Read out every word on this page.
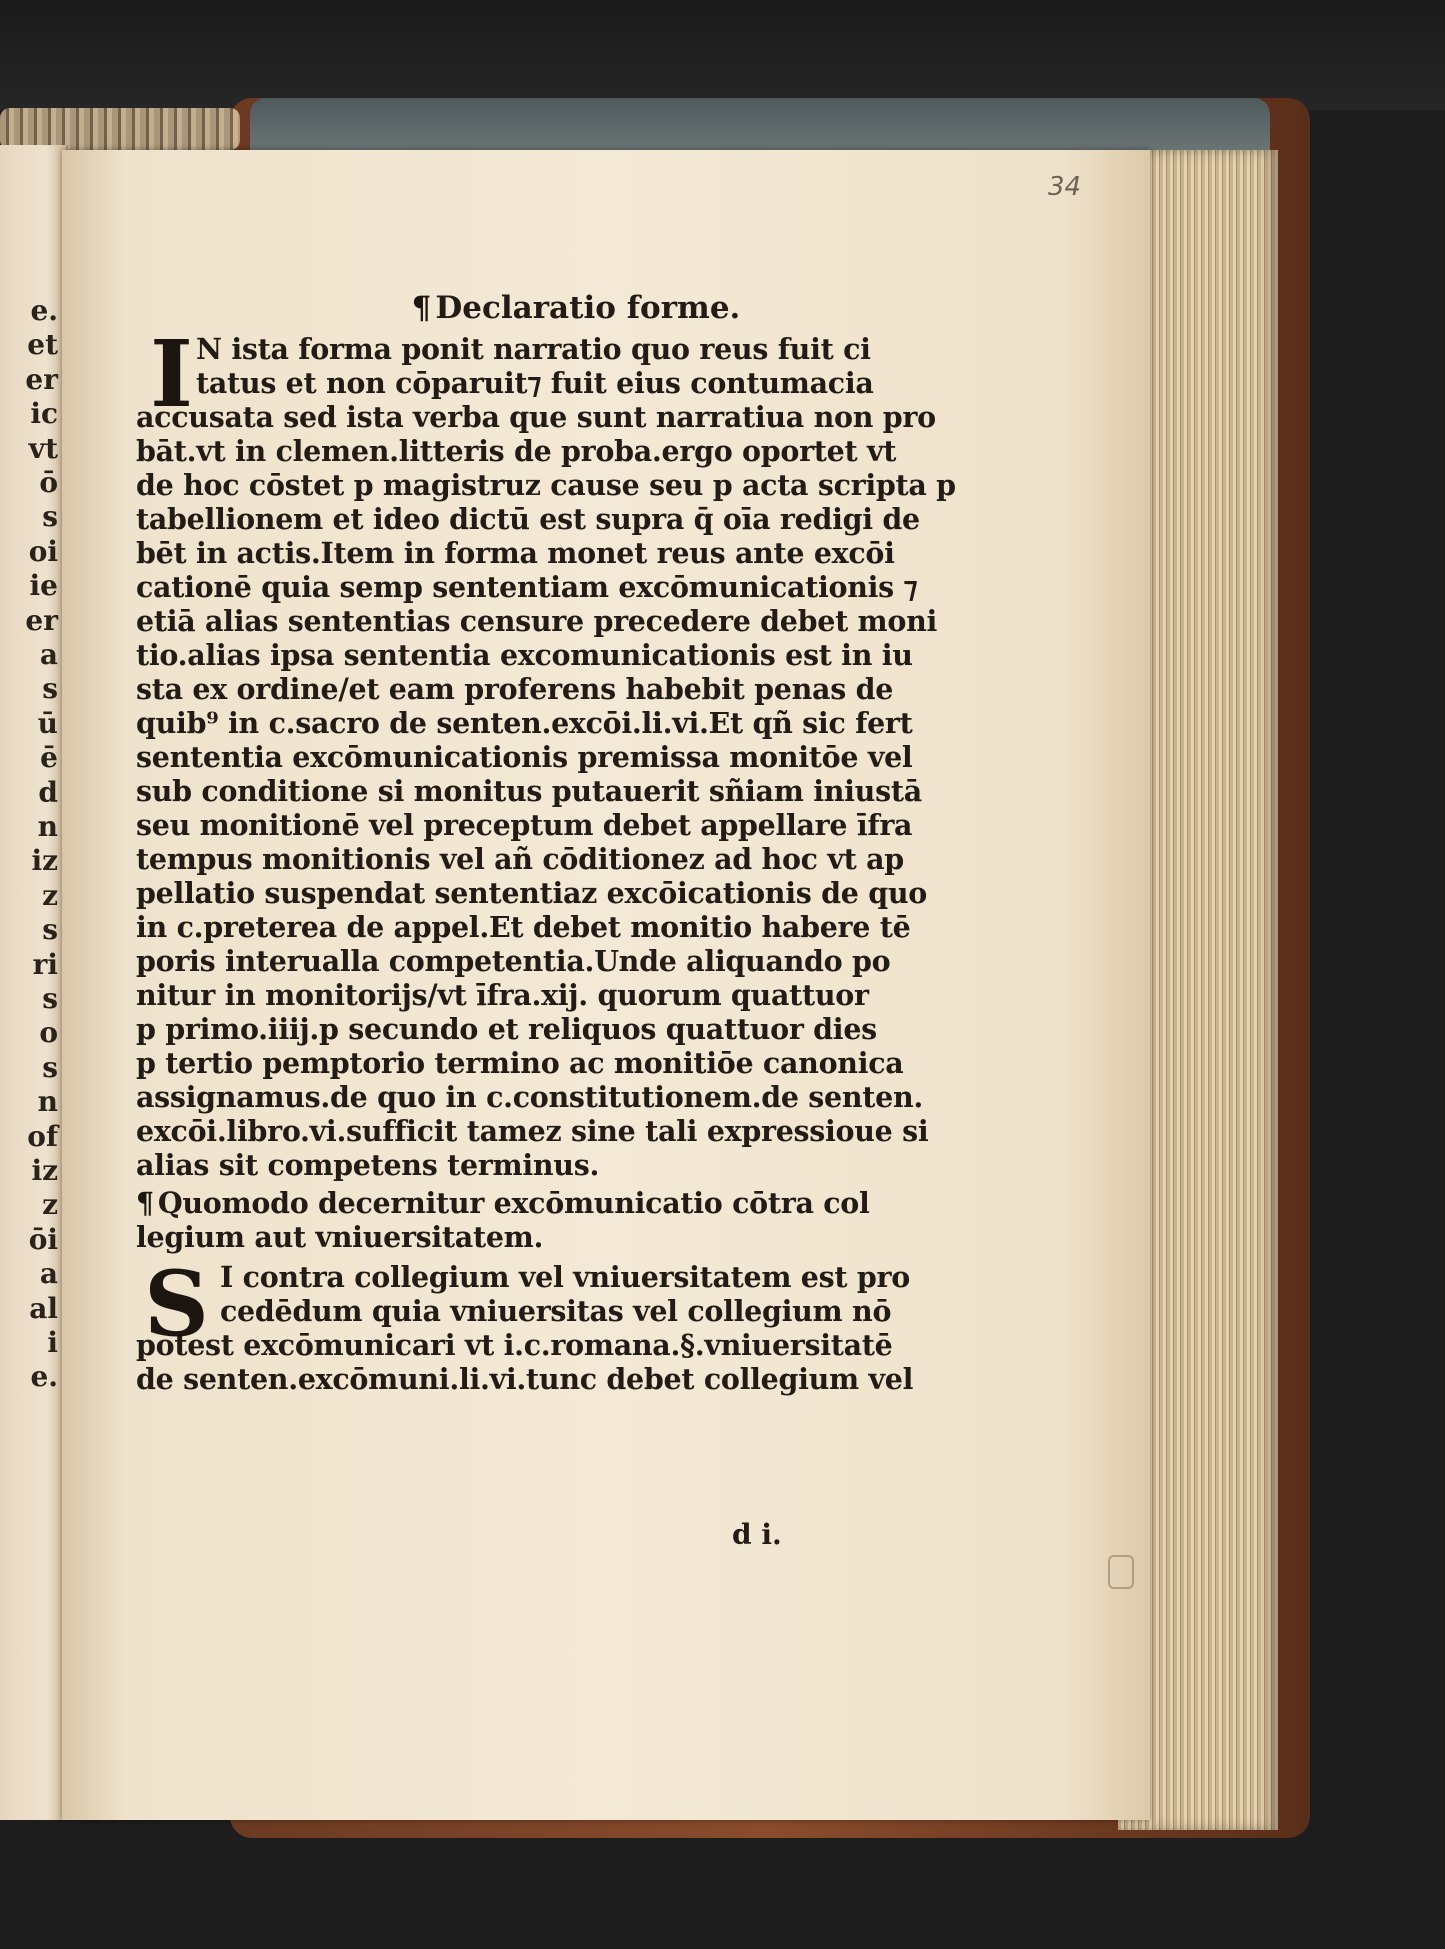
e.
et
er
ic
vt
ō
s
oi
ie
er
a
s
ū
ē
d
n
iz
z
s
ri
s
o
s
n
of
iz
z
ōi
a
al
i
e.
34
¶ Declaratio forme.
I N ista forma ponit narratio quo reus fuit ci
tatus et non cōparuit⁊ fuit eius contumacia
accusata sed ista verba que sunt narratiua non pro
bāt.vt in clemen.litteris de proba.ergo oportet vt
de hoc cōstet p magistruz cause seu p acta scripta p
tabellionem et ideo dictū est supra q̄ oīa redigi de
bēt in actis.Item in forma monet reus ante excōi
cationē quia semp sententiam excōmunicationis ⁊
etiā alias sententias censure precedere debet moni
tio.alias ipsa sententia excomunicationis est in iu
sta ex ordine/et eam proferens habebit penas de
quib⁹ in c.sacro de senten.excōi.li.vi.Et qñ sic fert
sententia excōmunicationis premissa monitōe vel
sub conditione si monitus putauerit sñiam iniustā
seu monitionē vel preceptum debet appellare īfra
tempus monitionis vel añ cōditionez ad hoc vt ap
pellatio suspendat sententiaz excōicationis de quo
in c.preterea de appel.Et debet monitio habere tē
poris interualla competentia.Unde aliquando po
nitur in monitorijs/vt īfra.xij. quorum quattuor
p primo.iiij.p secundo et reliquos quattuor dies
p tertio pemptorio termino ac monitiōe canonica
assignamus.de quo in c.constitutionem.de senten.
excōi.libro.vi.sufficit tamez sine tali expressioue si
alias sit competens terminus.
¶ Quomodo decernitur excōmunicatio cōtra col
legium aut vniuersitatem.
S I contra collegium vel vniuersitatem est pro
cedēdum quia vniuersitas vel collegium nō
potest excōmunicari vt i.c.romana.§.vniuersitatē
de senten.excōmuni.li.vi.tunc debet collegium vel
d i.
